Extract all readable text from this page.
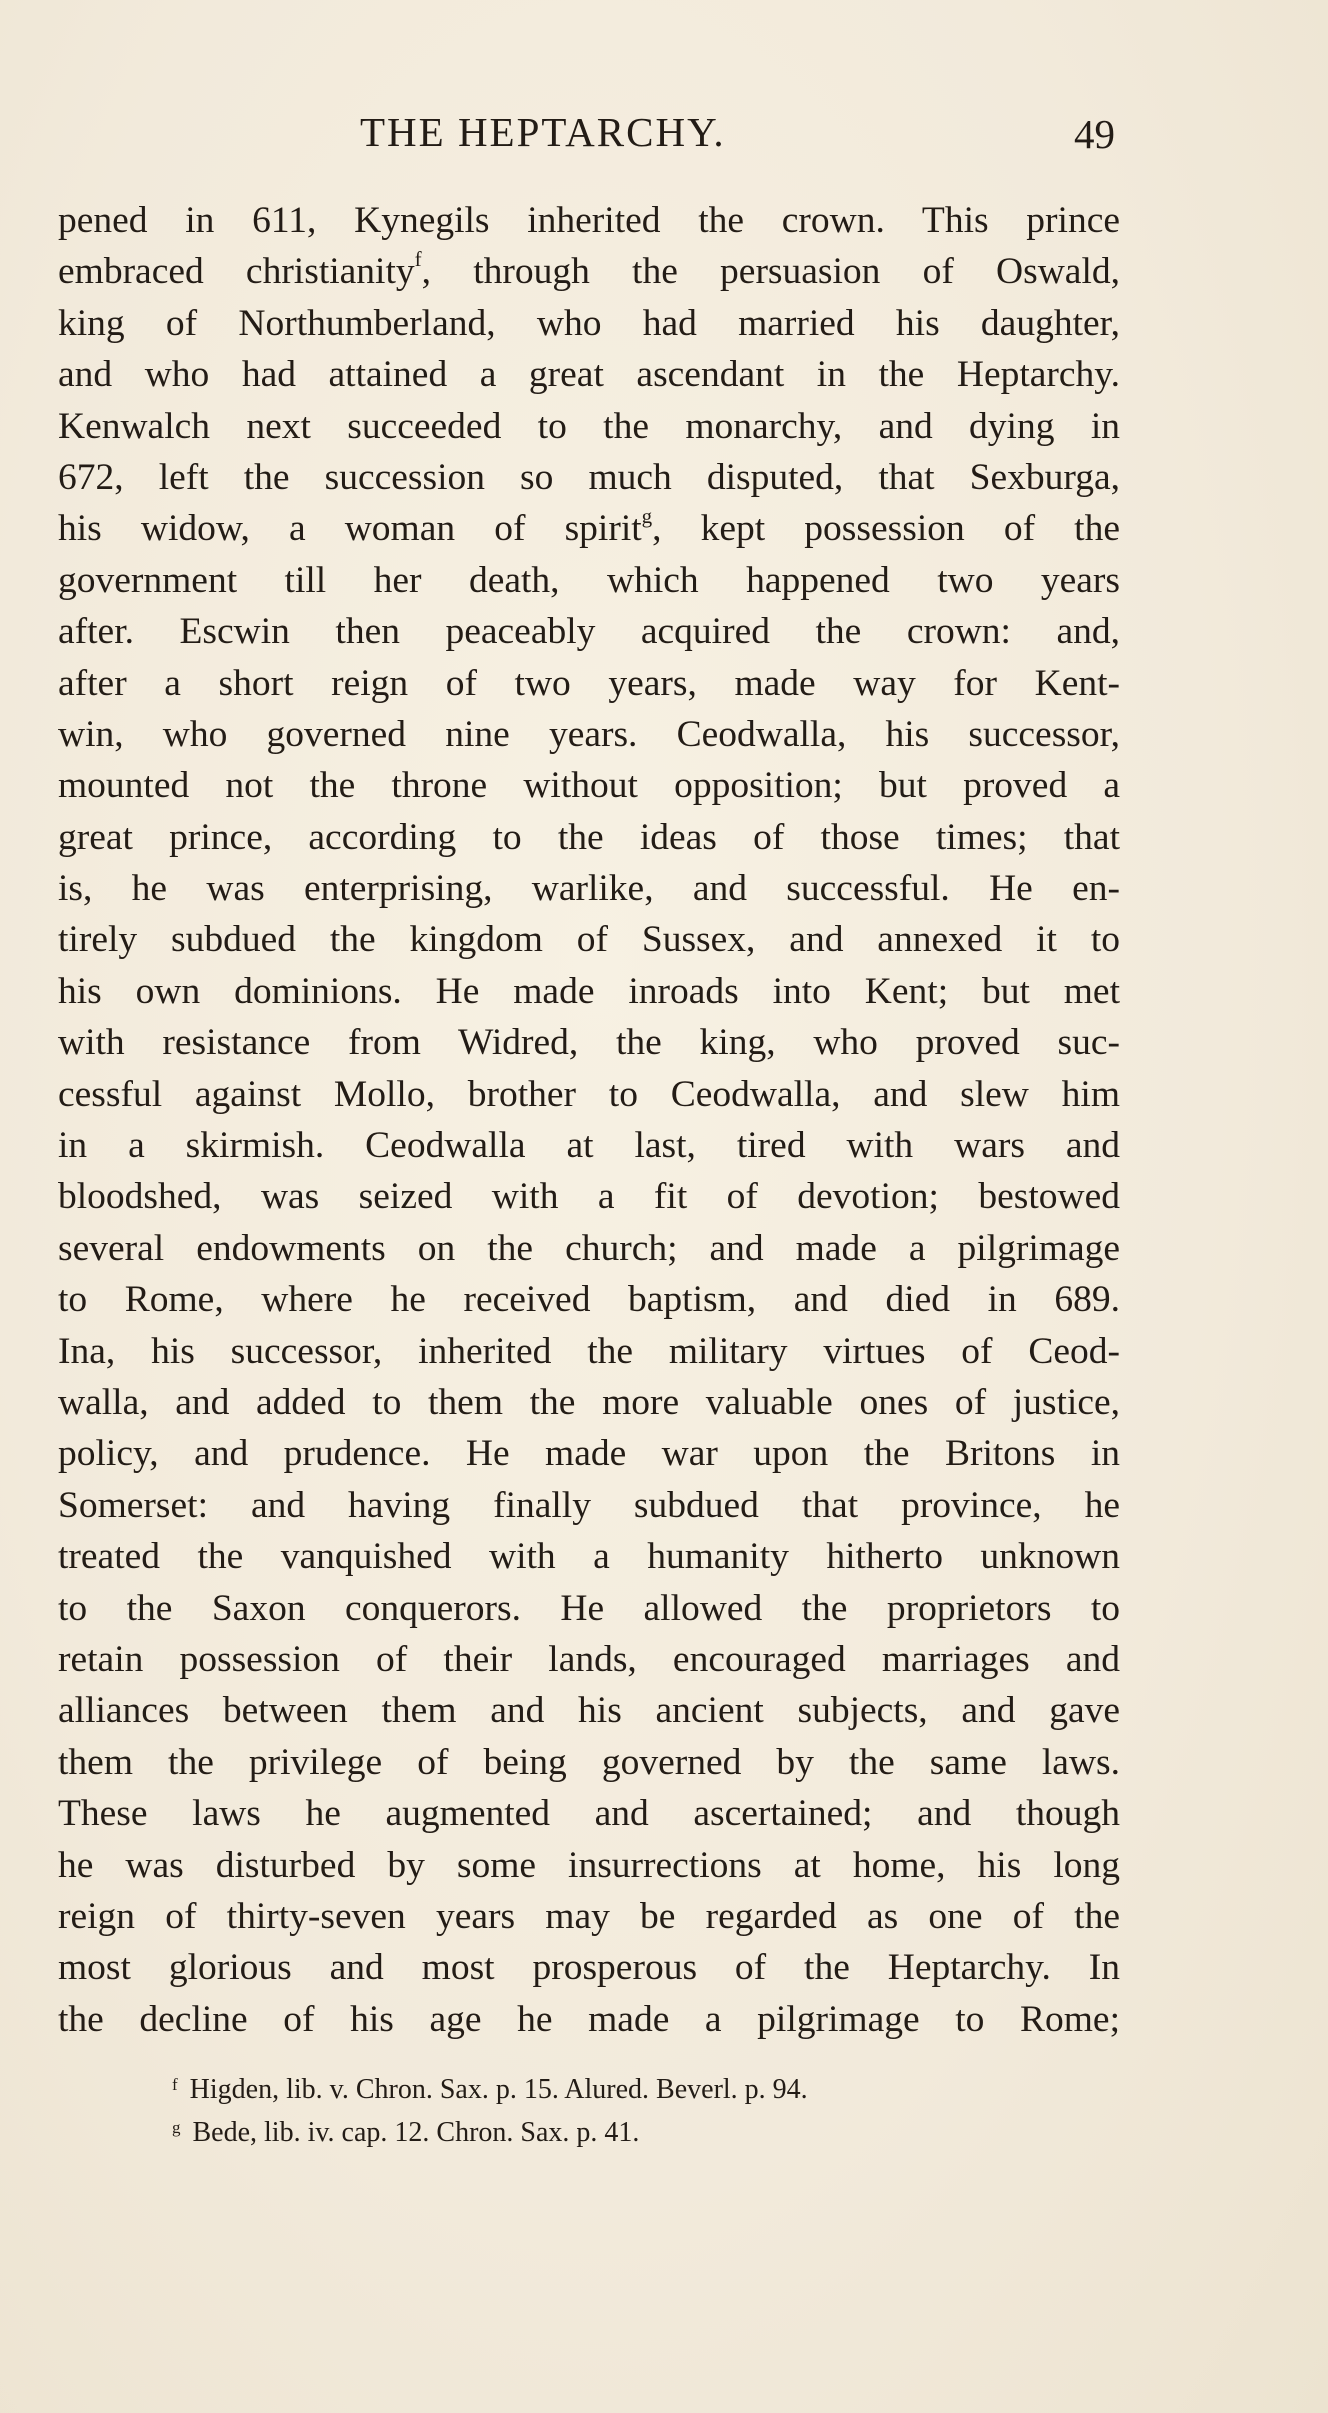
THE HEPTARCHY.	49
pened in 611, Kynegils inherited the crown. This prince
embraced christianity$^f$, through the persuasion of Oswald,
king of Northumberland, who had married his daughter,
and who had attained a great ascendant in the Heptarchy.
Kenwalch next succeeded to the monarchy, and dying in
672, left the succession so much disputed, that Sexburga,
his widow, a woman of spirit$^g$, kept possession of the
government till her death, which happened two years
after. Escwin then peaceably acquired the crown: and,
after a short reign of two years, made way for Kent-
win, who governed nine years. Ceodwalla, his successor,
mounted not the throne without opposition; but proved a
great prince, according to the ideas of those times; that
is, he was enterprising, warlike, and successful. He en-
tirely subdued the kingdom of Sussex, and annexed it to
his own dominions. He made inroads into Kent; but met
with resistance from Widred, the king, who proved suc-
cessful against Mollo, brother to Ceodwalla, and slew him
in a skirmish. Ceodwalla at last, tired with wars and
bloodshed, was seized with a fit of devotion; bestowed
several endowments on the church; and made a pilgrimage
to Rome, where he received baptism, and died in 689.
Ina, his successor, inherited the military virtues of Ceod-
walla, and added to them the more valuable ones of justice,
policy, and prudence. He made war upon the Britons in
Somerset: and having finally subdued that province, he
treated the vanquished with a humanity hitherto unknown
to the Saxon conquerors. He allowed the proprietors to
retain possession of their lands, encouraged marriages and
alliances between them and his ancient subjects, and gave
them the privilege of being governed by the same laws.
These laws he augmented and ascertained; and though
he was disturbed by some insurrections at home, his long
reign of thirty-seven years may be regarded as one of the
most glorious and most prosperous of the Heptarchy. In
the decline of his age he made a pilgrimage to Rome;
$^f$ Higden, lib. v. Chron. Sax. p. 15. Alured. Beverl. p. 94.
$^g$ Bede, lib. iv. cap. 12. Chron. Sax. p. 41.
